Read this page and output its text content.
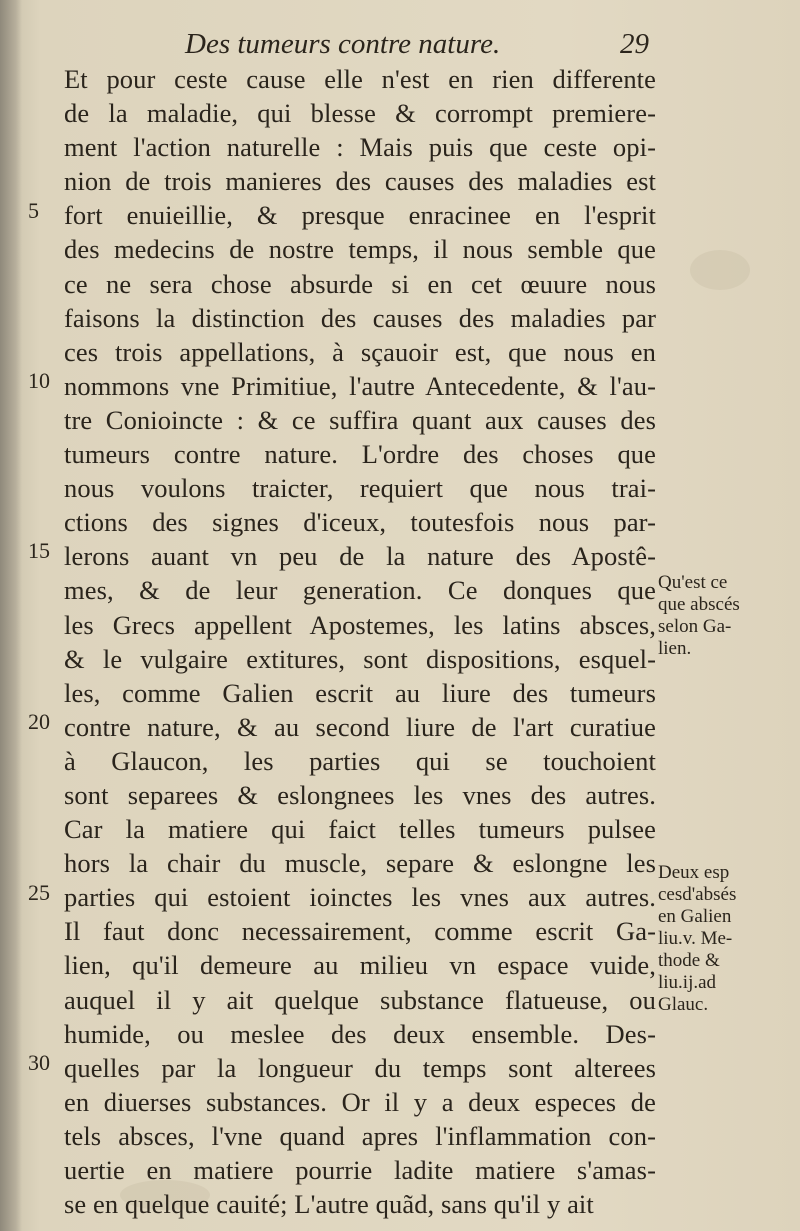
Des tumeurs contre nature.	29
5
10
15
20
25
30
Et pour ceste cause elle n'est en rien differente
de la maladie, qui blesse & corrompt premiere-
ment l'action naturelle : Mais puis que ceste opi-
nion de trois manieres des causes des maladies est
fort enuieillie, & presque enracinee en l'esprit
des medecins de nostre temps, il nous semble que
ce ne sera chose absurde si en cet œuure nous
faisons la distinction des causes des maladies par
ces trois appellations, à sçauoir est, que nous en
nommons vne Primitiue, l'autre Antecedente, & l'au-
tre Conioincte : & ce suffira quant aux causes des
tumeurs contre nature. L'ordre des choses que
nous voulons traicter, requiert que nous trai-
ctions des signes d'iceux, toutesfois nous par-
lerons auant vn peu de la nature des Apostê-
mes, & de leur generation. Ce donques que
les Grecs appellent Apostemes, les latins absces,
& le vulgaire extitures, sont dispositions, esquel-
les, comme Galien escrit au liure des tumeurs
contre nature, & au second liure de l'art curatiue
à Glaucon, les parties qui se touchoient
sont separees & eslongnees les vnes des autres.
Car la matiere qui faict telles tumeurs pulsee
hors la chair du muscle, separe & eslongne les
parties qui estoient ioinctes les vnes aux autres.
Il faut donc necessairement, comme escrit Ga-
lien, qu'il demeure au milieu vn espace vuide,
auquel il y ait quelque substance flatueuse, ou
humide, ou meslee des deux ensemble. Des-
quelles par la longueur du temps sont alterees
en diuerses substances. Or il y a deux especes de
tels absces, l'vne quand apres l'inflammation con-
uertie en matiere pourrie ladite matiere s'amas-
se en quelque cauité; L'autre quãd, sans qu'il y ait
Qu'est ce
que abscés
selon Ga-
lien.
Deux esp
cesd'absés
en Galien
liu.v. Me-
thode &
liu.ij.ad
Glauc.
